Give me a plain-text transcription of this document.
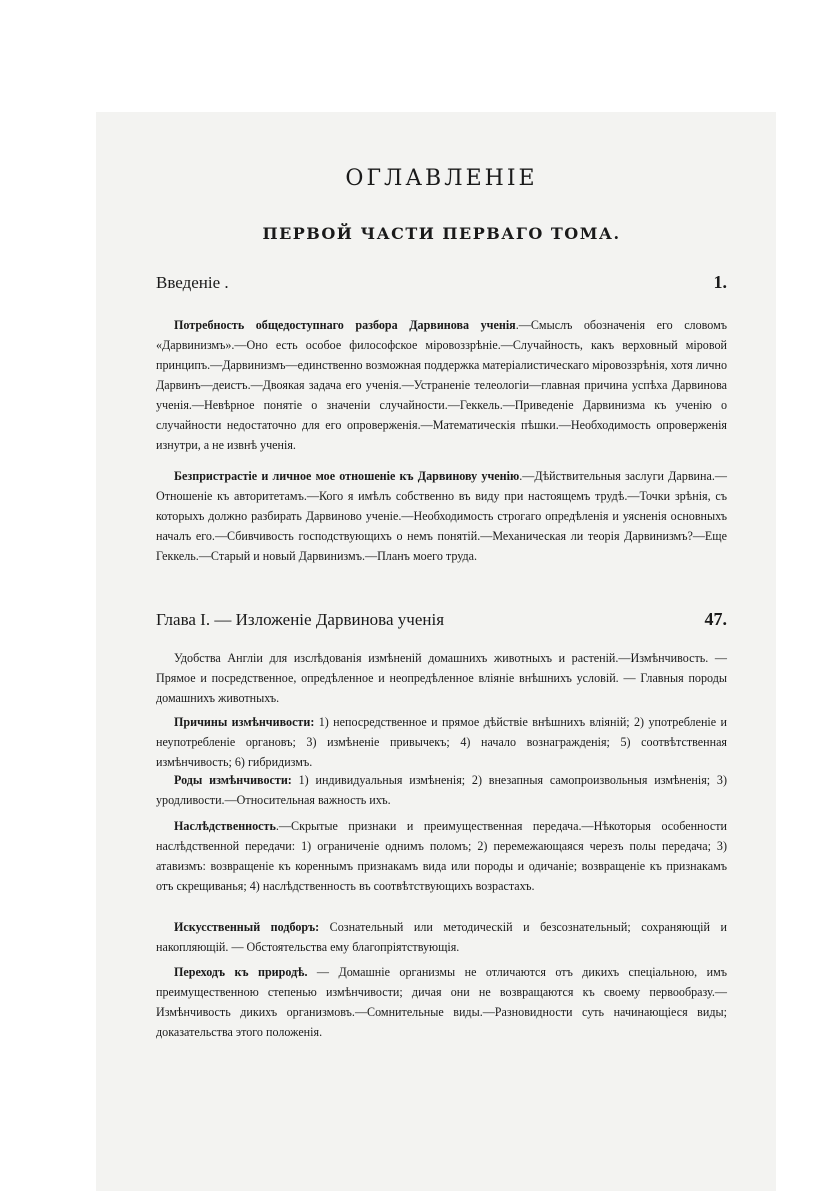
ОГЛАВЛЕНІЕ
ПЕРВОЙ ЧАСТИ ПЕРВАГО ТОМА.
Введеніе .	1.

Потребность общедоступнаго разбора Дарвинова ученія.—Смыслъ обозначенія его словомъ «Дарвинизмъ».—Оно есть особое философское міровоззрѣніе.—Случайность, какъ верховный міровой принципъ.—Дарвинизмъ—единственно возможная поддержка матеріалистическаго міровоззрѣнія, хотя лично Дарвинъ—деистъ.—Двоякая задача его ученія.—Устраненіе телеологіи—главная причина успѣха Дарвинова ученія.—Невѣрное понятіе о значеніи случайности.—Геккель.—Приведеніе Дарвинизма къ ученію о случайности недостаточно для его опроверженія.—Математическія пѣшки.—Необходимость опроверженія изнутри, а не извнѣ ученія.

Безпристрастіе и личное мое отношеніе къ Дарвинову ученію.—Дѣйствительныя заслуги Дарвина.—Отношеніе къ авторитетамъ.—Кого я имѣлъ собственно въ виду при настоящемъ трудѣ.—Точки зрѣнія, съ которыхъ должно разбирать Дарвиново ученіе.—Необходимость строгаго опредѣленія и уясненія основныхъ началъ его.—Сбивчивость господствующихъ о немъ понятій.—Механическая ли теорія Дарвинизмъ?—Еще Геккель.—Старый и новый Дарвинизмъ.—Планъ моего труда.

Глава I. — Изложеніе Дарвинова ученія	47.

Удобства Англіи для изслѣдованія измѣненій домашнихъ животныхъ и растеній.—Измѣнчивость. — Прямое и посредственное, опредѣленное и неопредѣленное вліяніе внѣшнихъ условій. — Главныя породы домашнихъ животныхъ.

Причины измѣнчивости: 1) непосредственное и прямое дѣйствіе внѣшнихъ вліяній; 2) употребленіе и неупотребленіе органовъ; 3) измѣненіе привычекъ; 4) начало вознагражденія; 5) соотвѣтственная измѣнчивость; 6) гибридизмъ.

Роды измѣнчивости: 1) индивидуальныя измѣненія; 2) внезапныя самопроизвольныя измѣненія; 3) уродливости.—Относительная важность ихъ.

Наслѣдственность.—Скрытые признаки и преимущественная передача.—Нѣкоторыя особенности наслѣдственной передачи: 1) ограниченіе однимъ поломъ; 2) перемежающаяся черезъ полы передача; 3) атавизмъ: возвращеніе къ кореннымъ признакамъ вида или породы и одичаніе; возвращеніе къ признакамъ отъ скрещиванья; 4) наслѣдственность въ соотвѣтствующихъ возрастахъ.

Искусственный подборъ: Сознательный или методическій и безсознательный; сохраняющій и накопляющій. — Обстоятельства ему благопріятствующія.

Переходъ къ природѣ. — Домашніе организмы не отличаются отъ дикихъ спеціальною, имъ преимущественною степенью измѣнчивости; дичая они не возвращаются къ своему первообразу.—Измѣнчивость дикихъ организмовъ.—Сомнительные виды.—Разновидности суть начинающіеся виды; доказательства этого положенія.
